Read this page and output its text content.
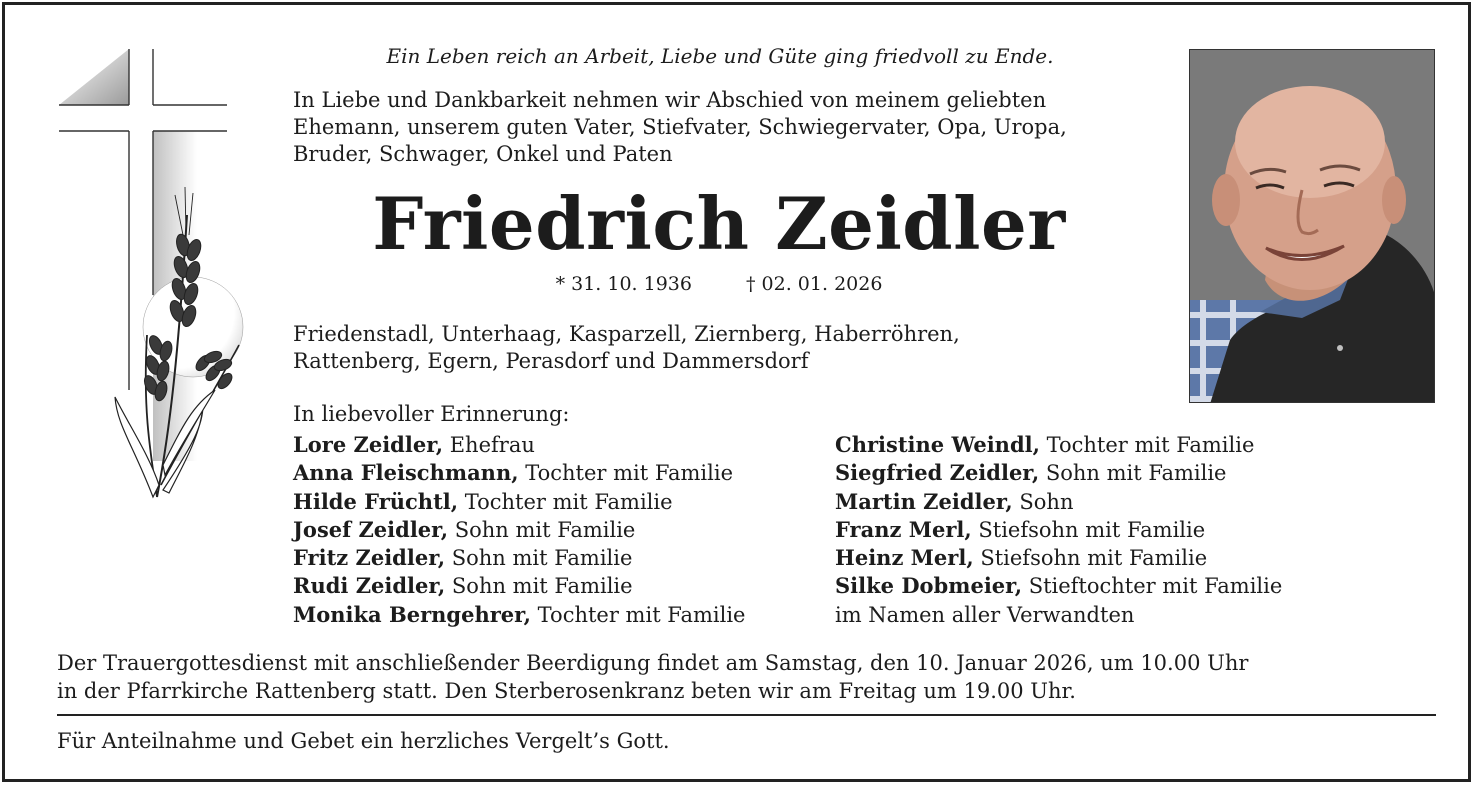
Ein Leben reich an Arbeit, Liebe und Güte ging friedvoll zu Ende.

In Liebe und Dankbarkeit nehmen wir Abschied von meinem geliebten
Ehemann, unserem guten Vater, Stiefvater, Schwiegervater, Opa, Uropa,
Bruder, Schwager, Onkel und Paten

Friedrich Zeidler

* 31. 10. 1936	† 02. 01. 2026

Friedenstadl, Unterhaag, Kasparzell, Ziernberg, Haberröhren,
Rattenberg, Egern, Perasdorf und Dammersdorf

In liebevoller Erinnerung:

Lore Zeidler, Ehefrau
Anna Fleischmann, Tochter mit Familie
Hilde Früchtl, Tochter mit Familie
Josef Zeidler, Sohn mit Familie
Fritz Zeidler, Sohn mit Familie
Rudi Zeidler, Sohn mit Familie
Monika Berngehrer, Tochter mit Familie
Christine Weindl, Tochter mit Familie
Siegfried Zeidler, Sohn mit Familie
Martin Zeidler, Sohn
Franz Merl, Stiefsohn mit Familie
Heinz Merl, Stiefsohn mit Familie
Silke Dobmeier, Stieftochter mit Familie
im Namen aller Verwandten

Der Trauergottesdienst mit anschließender Beerdigung findet am Samstag, den 10. Januar 2026, um 10.00 Uhr
in der Pfarrkirche Rattenberg statt. Den Sterberosenkranz beten wir am Freitag um 19.00 Uhr.

Für Anteilnahme und Gebet ein herzliches Vergelt’s Gott.
